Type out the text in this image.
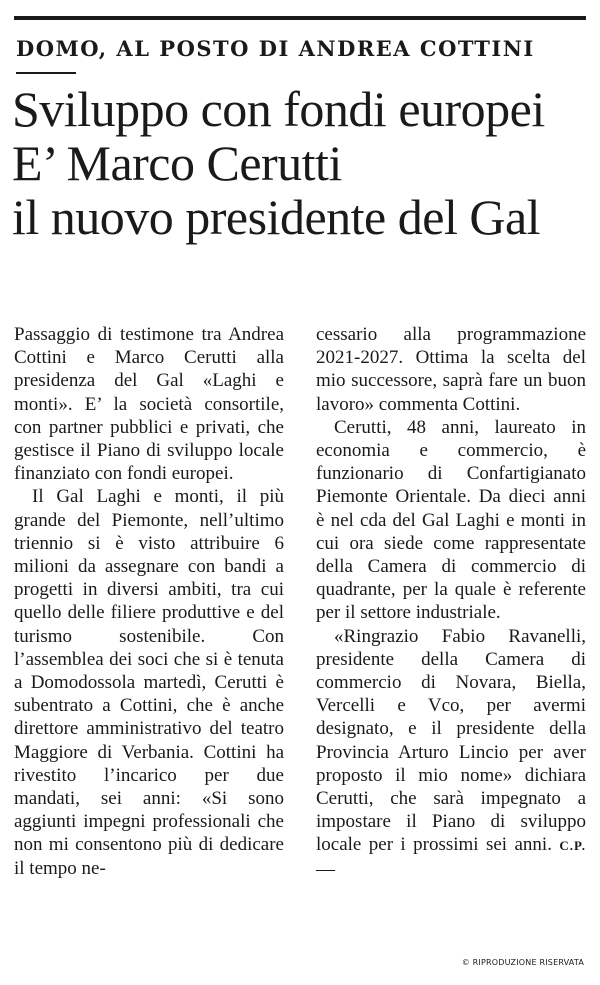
DOMO, AL POSTO DI ANDREA COTTINI
Sviluppo con fondi europei
E’ Marco Cerutti
il nuovo presidente del Gal

Passaggio di testimone tra Andrea Cottini e Marco Cerutti alla presidenza del Gal «Laghi e monti». E’ la società consortile, con partner pubblici e privati, che gestisce il Piano di sviluppo locale finanziato con fondi europei.

Il Gal Laghi e monti, il più grande del Piemonte, nell’ultimo triennio si è visto attribuire 6 milioni da assegnare con bandi a progetti in diversi ambiti, tra cui quello delle filiere produttive e del turismo sostenibile. Con l’assemblea dei soci che si è tenuta a Domodossola martedì, Cerutti è subentrato a Cottini, che è anche direttore amministrativo del teatro Maggiore di Verbania. Cottini ha rivestito l’incarico per due mandati, sei anni: «Si sono aggiunti impegni professionali che non mi consentono più di dedicare il tempo ne-

cessario alla programmazione 2021-2027. Ottima la scelta del mio successore, saprà fare un buon lavoro» commenta Cottini.

Cerutti, 48 anni, laureato in economia e commercio, è funzionario di Confartigianato Piemonte Orientale. Da dieci anni è nel cda del Gal Laghi e monti in cui ora siede come rappresentate della Camera di commercio di quadrante, per la quale è referente per il settore industriale.

«Ringrazio Fabio Ravanelli, presidente della Camera di commercio di Novara, Biella, Vercelli e Vco, per avermi designato, e il presidente della Provincia Arturo Lincio per aver proposto il mio nome» dichiara Cerutti, che sarà impegnato a impostare il Piano di sviluppo locale per i prossimi sei anni. C.P.—

© RIPRODUZIONE RISERVATA
